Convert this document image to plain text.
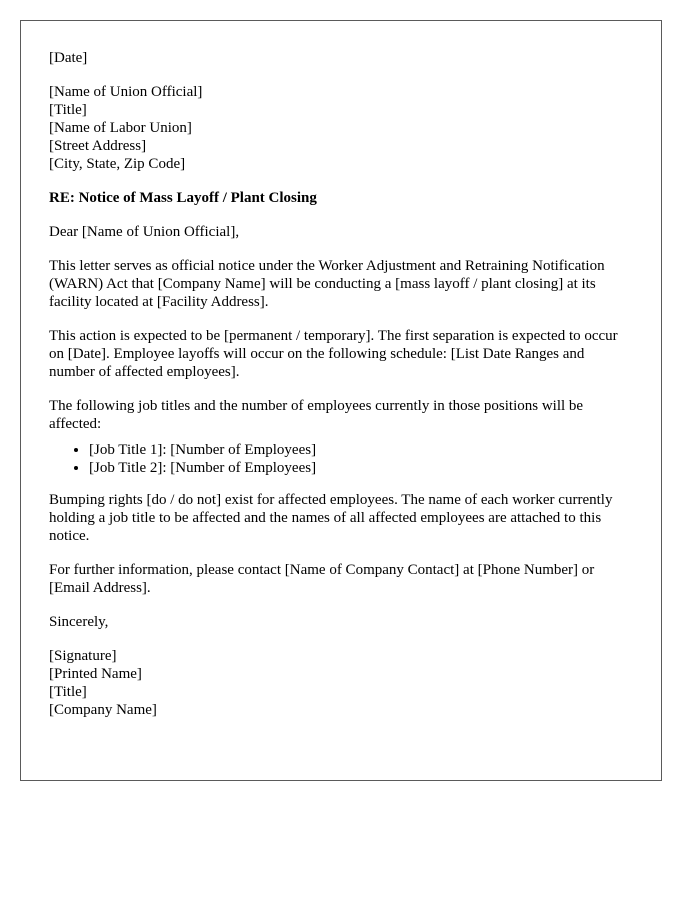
[Date]
[Name of Union Official]
[Title]
[Name of Labor Union]
[Street Address]
[City, State, Zip Code]
RE: Notice of Mass Layoff / Plant Closing
Dear [Name of Union Official],
This letter serves as official notice under the Worker Adjustment and Retraining Notification (WARN) Act that [Company Name] will be conducting a [mass layoff / plant closing] at its facility located at [Facility Address].
This action is expected to be [permanent / temporary]. The first separation is expected to occur on [Date]. Employee layoffs will occur on the following schedule: [List Date Ranges and number of affected employees].
The following job titles and the number of employees currently in those positions will be affected:
• [Job Title 1]: [Number of Employees]
• [Job Title 2]: [Number of Employees]
Bumping rights [do / do not] exist for affected employees. The name of each worker currently holding a job title to be affected and the names of all affected employees are attached to this notice.
For further information, please contact [Name of Company Contact] at [Phone Number] or [Email Address].
Sincerely,
[Signature]
[Printed Name]
[Title]
[Company Name]
